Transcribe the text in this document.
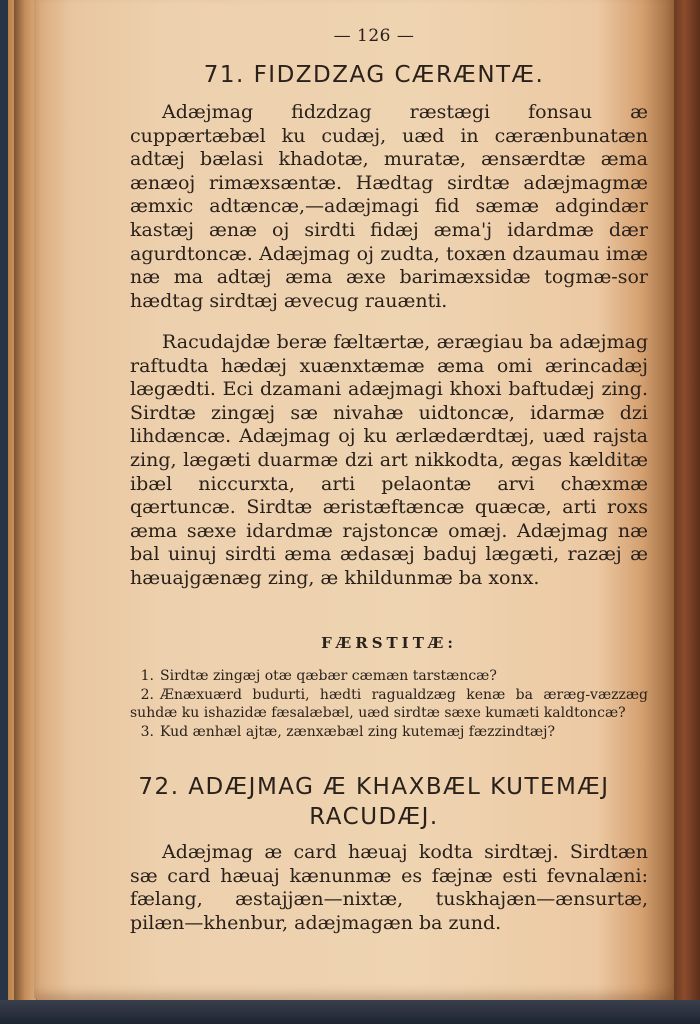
— 126 —
71. FIDZDZAG CÆRÆNTÆ.

Adæjmag fidzdzag ræstægi fonsau æ cuppærtæbæl ku cudæj, uæd in cærænbunatæn adtæj bælasi khadotæ, muratæ, ænsærdtæ æma ænæoj rimæxsæntæ. Hædtag sirdtæ adæjmagmæ æmxic adtæncæ,—adæjmagi fid sæmæ adgindær kastæj ænæ oj sirdti fidæj æma'j idardmæ dær agurdtoncæ. Adæjmag oj zudta, toxæn dzaumau imæ næ ma adtæj æma æxe barimæxsidæ togmæ-sor hædtag sirdtæj ævecug rauænti.

Racudajdæ beræ fæltærtæ, ærægiau ba adæjmag raftudta hædæj xuænxtæmæ æma omi ærincadæj lægædti. Eci dzamani adæjmagi khoxi baftudæj zing. Sirdtæ zingæj sæ nivahæ uidtoncæ, idarmæ dzi lihdæncæ. Adæjmag oj ku ærlædærdtæj, uæd rajsta zing, lægæti duarmæ dzi art nikkodta, ægas kælditæ ibæl niccurxta, arti pelaontæ arvi chæxmæ qærtuncæ. Sirdtæ æristæftæncæ quæcæ, arti roxs æma sæxe idardmæ rajstoncæ omæj. Adæjmag næ bal uinuj sirdti æma ædasæj baduj lægæti, razæj æ hæuajgænæg zing, æ khildunmæ ba xonx.

FÆRSTITÆ:
1. Sirdtæ zingæj otæ qæbær cæmæn tarstæncæ?
2. Ænæxuærd budurti, hædti ragualdzæg kenæ ba æræg-væzzæg suhdæ ku ishazidæ fæsalæbæl, uæd sirdtæ sæxe kumæti kaldtoncæ?
3. Kud ænhæl ajtæ, zænxæbæl zing kutemæj fæzzindtæj?
72. ADÆJMAG Æ KHAXBÆL KUTEMÆJ
RACUDÆJ.

Adæjmag æ card hæuaj kodta sirdtæj. Sirdtæn sæ card hæuaj kænunmæ es fæjnæ esti fevnalæni: fælang, æstajjæn—nixtæ, tuskhajæn—ænsurtæ, pilæn—khenbur, adæjmagæn ba zund.
